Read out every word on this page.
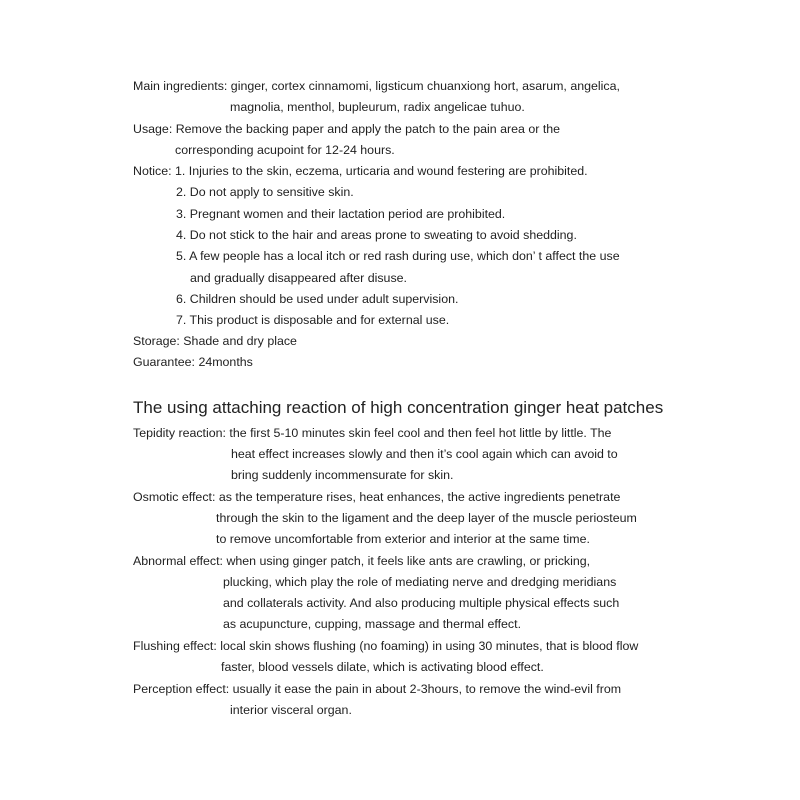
Main ingredients: ginger, cortex cinnamomi, ligsticum chuanxiong hort, asarum, angelica,
magnolia, menthol, bupleurum, radix angelicae tuhuo.
Usage: Remove the backing paper and apply the patch to the pain area or the
corresponding acupoint for 12-24 hours.
Notice: 1. Injuries to the skin, eczema, urticaria and wound festering are prohibited.
2. Do not apply to sensitive skin.
3. Pregnant women and their lactation period are prohibited.
4. Do not stick to the hair and areas prone to sweating to avoid shedding.
5. A few people has a local itch or red rash during use, which don’ t affect the use
and gradually disappeared after disuse.
6. Children should be used under adult supervision.
7. This product is disposable and for external use.
Storage: Shade and dry place
Guarantee: 24months
The using attaching reaction of high concentration ginger heat patches
Tepidity reaction: the first 5-10 minutes skin feel cool and then feel hot little by little. The
heat effect increases slowly and then it’s cool again which can avoid to
bring suddenly incommensurate for skin.
Osmotic effect: as the temperature rises, heat enhances, the active ingredients penetrate
through the skin to the ligament and the deep layer of the muscle periosteum
to remove uncomfortable from exterior and interior at the same time.
Abnormal effect: when using ginger patch, it feels like ants are crawling, or pricking,
plucking, which play the role of mediating nerve and dredging meridians
and collaterals activity. And also producing multiple physical effects such
as acupuncture, cupping, massage and thermal effect.
Flushing effect: local skin shows flushing (no foaming) in using 30 minutes, that is blood flow
faster, blood vessels dilate, which is activating blood effect.
Perception effect: usually it ease the pain in about 2-3hours, to remove the wind-evil from
interior visceral organ.
